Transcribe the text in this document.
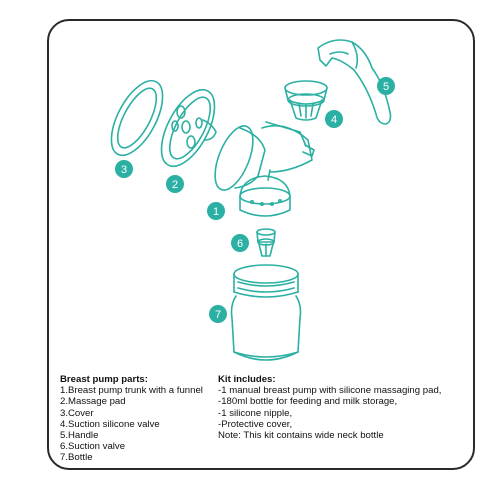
1
2
3
4
5
6
7
Breast pump parts:
1.Breast pump trunk with a funnel
2.Massage pad
3.Cover
4.Suction silicone valve
5.Handle
6.Suction valve
7.Bottle
Kit includes:
-1 manual breast pump with silicone massaging pad,
-180ml bottle for feeding and milk storage,
-1 silicone nipple,
-Protective cover,
Note: This kit contains wide neck bottle
